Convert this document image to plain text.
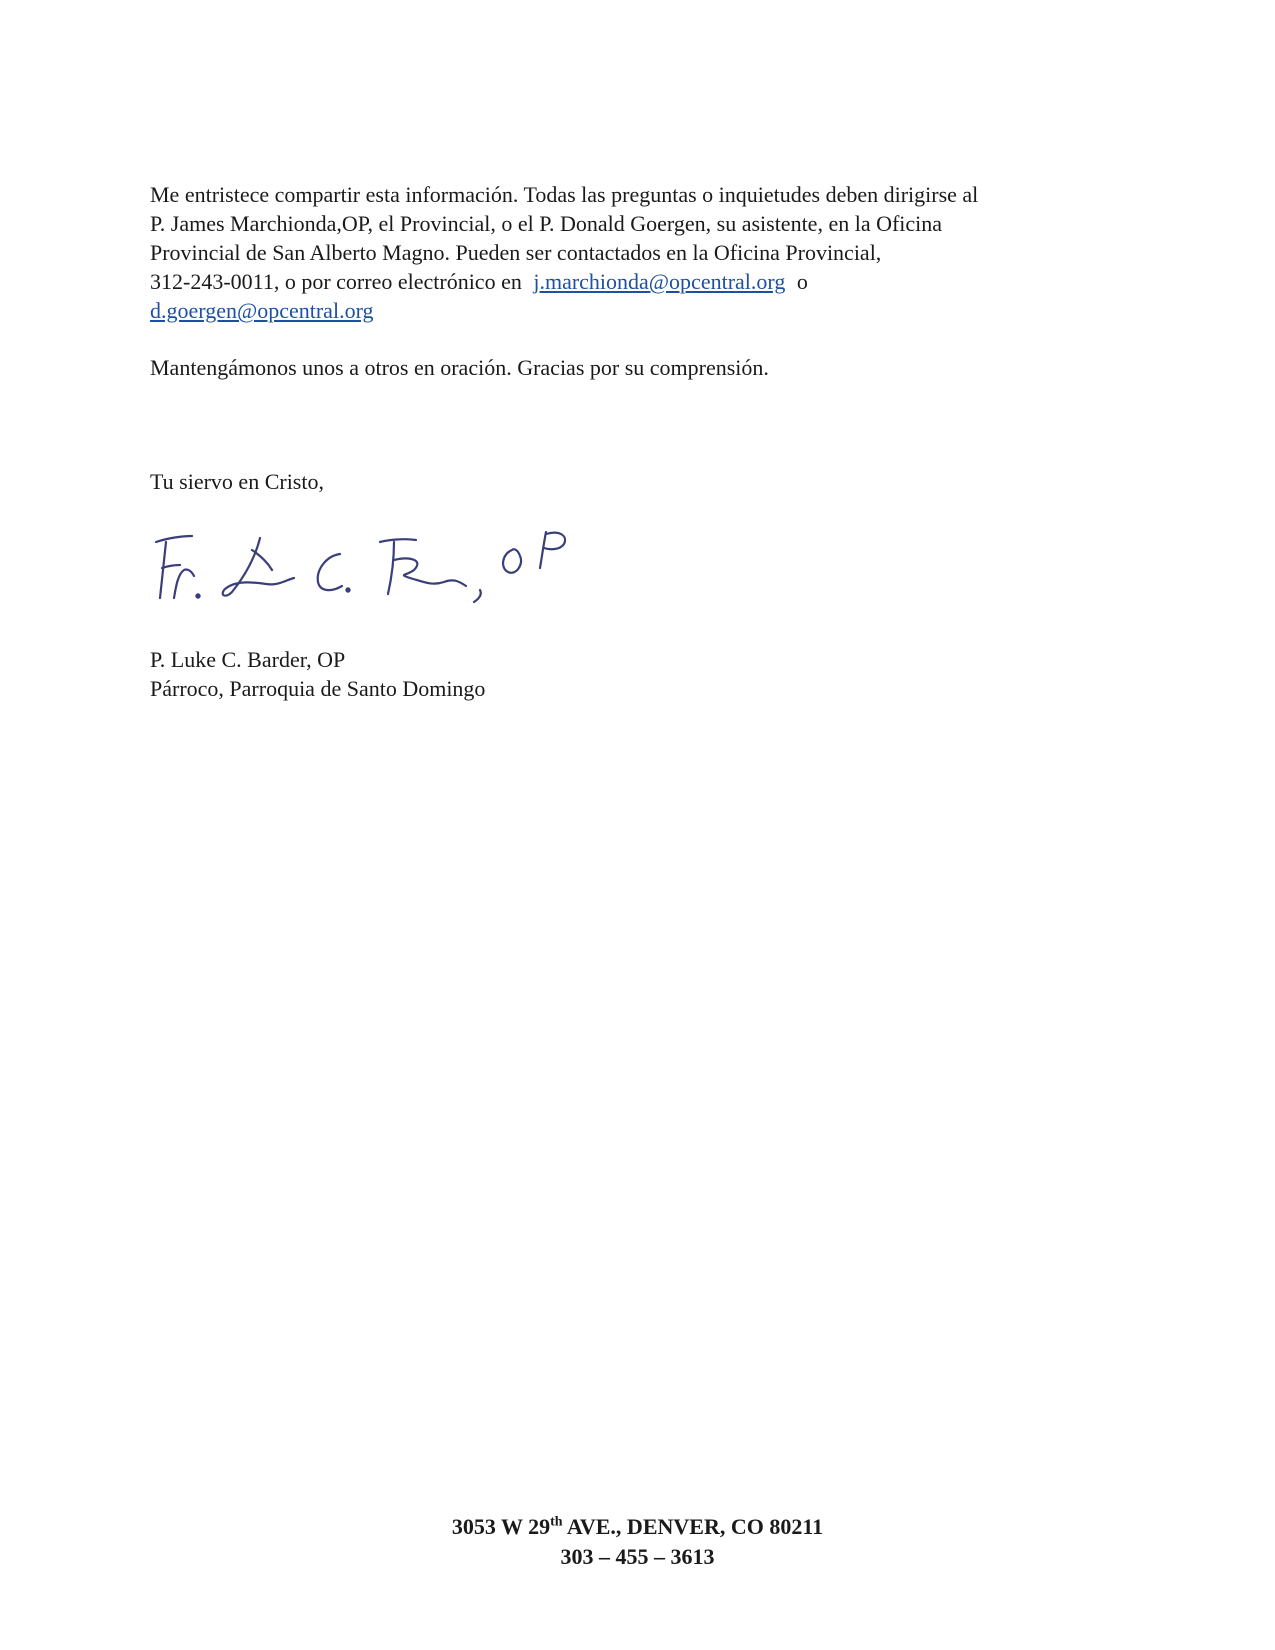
Me entristece compartir esta información. Todas las preguntas o inquietudes deben dirigirse al
P. James Marchionda,OP, el Provincial, o el P. Donald Goergen, su asistente, en la Oficina
Provincial de San Alberto Magno. Pueden ser contactados en la Oficina Provincial,
312-243-0011, o por correo electrónico en j.marchionda@opcentral.org o
d.goergen@opcentral.org
Mantengámonos unos a otros en oración. Gracias por su comprensión.
Tu siervo en Cristo,
P. Luke C. Barder, OP
Párroco, Parroquia de Santo Domingo
3053 W 29th AVE., DENVER, CO 80211
303 – 455 – 3613
